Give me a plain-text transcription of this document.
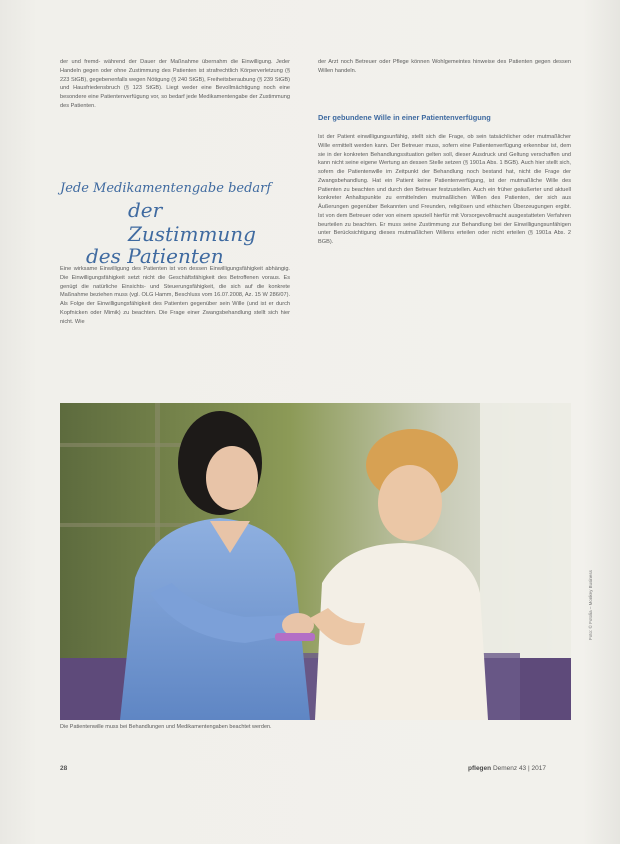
der und fremd- während der Dauer der Maßnahme übernahm die Einwilligung. Jeder Handeln gegen oder ohne Zustimmung des Patienten ist strafrechtlich Körperverletzung (§ 223 StGB), gegebenenfalls wegen Nötigung (§ 240 StGB), Freiheitsberaubung (§ 239 StGB) und Hausfriedensbruch (§ 123 StGB). Liegt weder eine Bevollmächtigung noch eine besondere eine Patientenverfügung vor, so bedarf jede Medikamentengabe der Zustimmung des Patienten.

Jede Medikamentengabe bedarf
der Zustimmung
des Patienten

Eine wirksame Einwilligung des Patienten ist von dessen Einwilligungsfähigkeit abhängig. Die Einwilligungsfähigkeit setzt nicht die Geschäftsfähigkeit des Betroffenen voraus. Es genügt die natürliche Einsichts- und Steuerungsfähigkeit, die sich auf die konkrete Maßnahme beziehen muss (vgl. OLG Hamm, Beschluss vom 16.07.2008, Az. 15 W 286/07). Als Folge der Einwilligungsfähigkeit des Patienten gegenüber sein Wille (und ist er durch Kopfnicken oder Mimik) zu beachten. Die Frage einer Zwangsbehandlung stellt sich hier nicht. Wie

der Arzt noch Betreuer oder Pflege können Wohlgemeintes hinweise des Patienten gegen dessen Willen handeln.

Der gebundene Wille in einer Patientenverfügung

Ist der Patient einwilligungsunfähig, stellt sich die Frage, ob sein tatsächlicher oder mutmaßlicher Wille ermittelt werden kann. Der Betreuer muss, sofern eine Patientenverfügung erkennbar ist, dem sie in der konkreten Behandlungssituation gelten soll, dieser Ausdruck und Geltung verschaffen und kann nicht seine eigene Wertung an dessen Stelle setzen (§ 1901a Abs. 1 BGB). Auch hier stellt sich, sofern die Patientenwille im Zeitpunkt der Behandlung noch bestand hat, nicht die Frage der Zwangsbehandlung. Hat ein Patient keine Patientenverfügung, ist der mutmaßliche Wille des Patienten zu beachten und durch den Betreuer festzustellen. Auch ein früher geäußerter und aktuell konkreter Anhaltspunkte zu ermittelnden mutmaßlichen Willen des Patienten, der sich aus Äußerungen gegenüber Bekannten und Freunden, religiösen und ethischen Überzeugungen ergibt. Ist von dem Betreuer oder von einem speziell hierfür mit Vorsorgevollmacht ausgestatteten Verfahren beurteilen zu beachten. Er muss seine Zustimmung zur Behandlung bei der Einwilligungsunfähigen unter Berücksichtigung dieses mutmaßlichen Willens erteilen oder nicht erteilen (§ 1901a Abs. 2 BGB).

Die Patientenwille muss bei Behandlungen und Medikamentengaben beachtet werden.
Foto: © Fotolia – Monkey Business
28	pflegen Demenz 43 | 2017
